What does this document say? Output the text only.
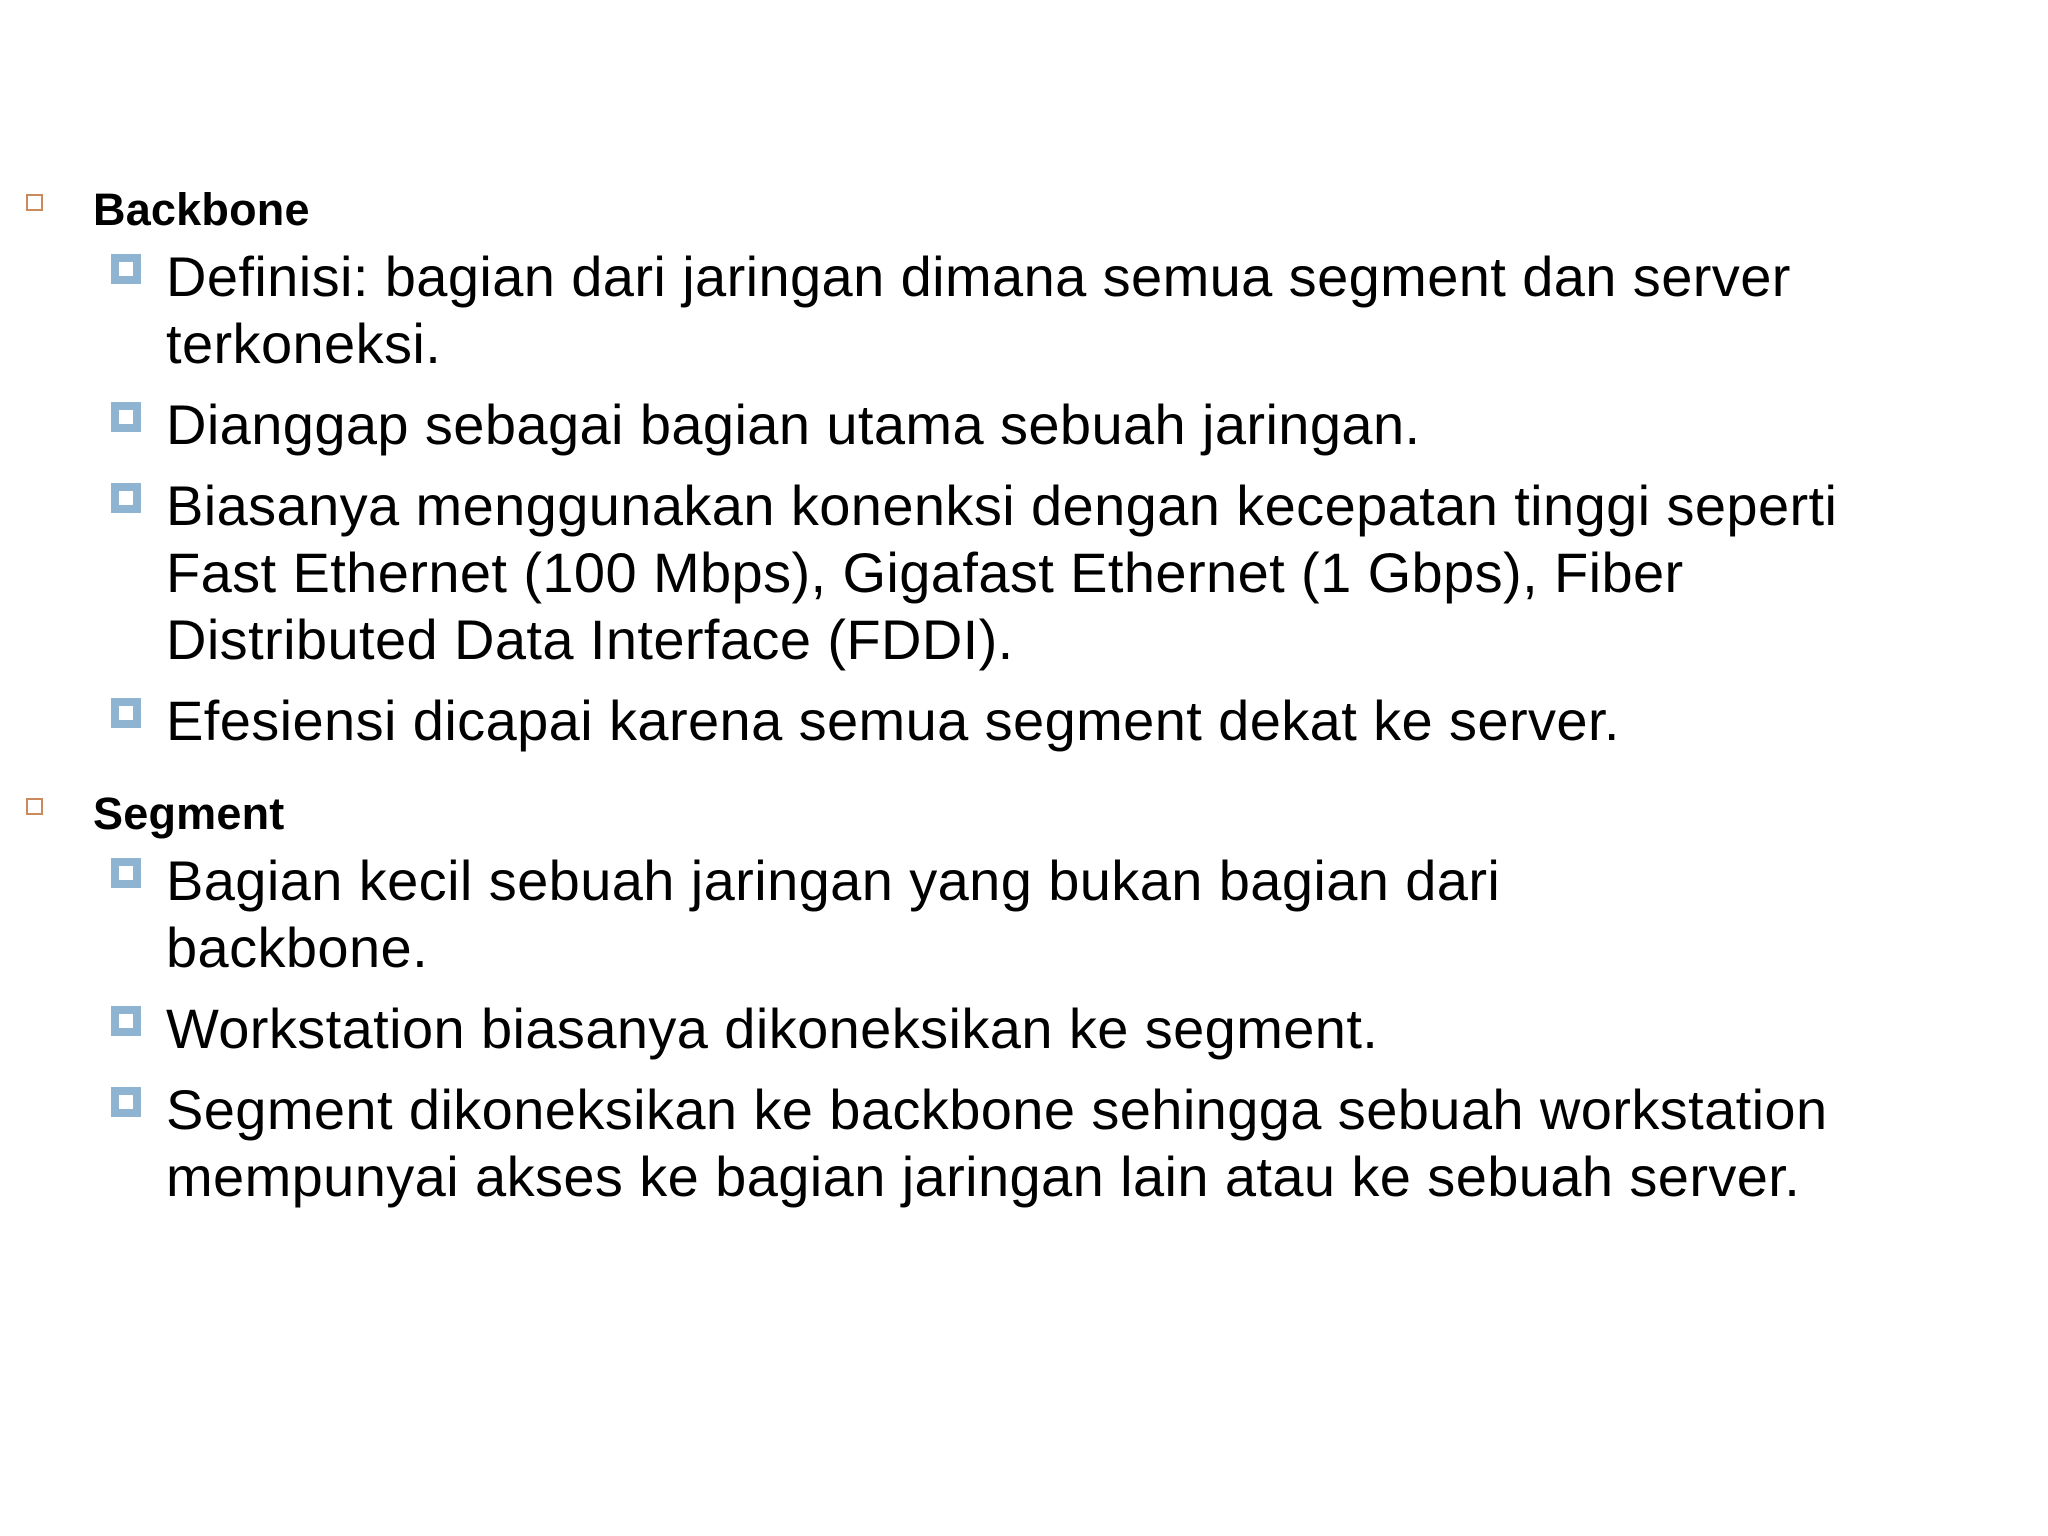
Backbone
Definisi: bagian dari jaringan dimana semua segment dan server terkoneksi.
Dianggap sebagai bagian utama sebuah jaringan.
Biasanya menggunakan konenksi dengan kecepatan tinggi seperti Fast Ethernet (100 Mbps), Gigafast Ethernet (1 Gbps), Fiber Distributed Data Interface (FDDI).
Efesiensi dicapai karena semua segment dekat ke server.
Segment
Bagian kecil sebuah jaringan yang bukan bagian dari backbone.
Workstation biasanya dikoneksikan ke segment.
Segment dikoneksikan ke backbone sehingga sebuah workstation mempunyai akses ke bagian jaringan lain atau ke sebuah server.
